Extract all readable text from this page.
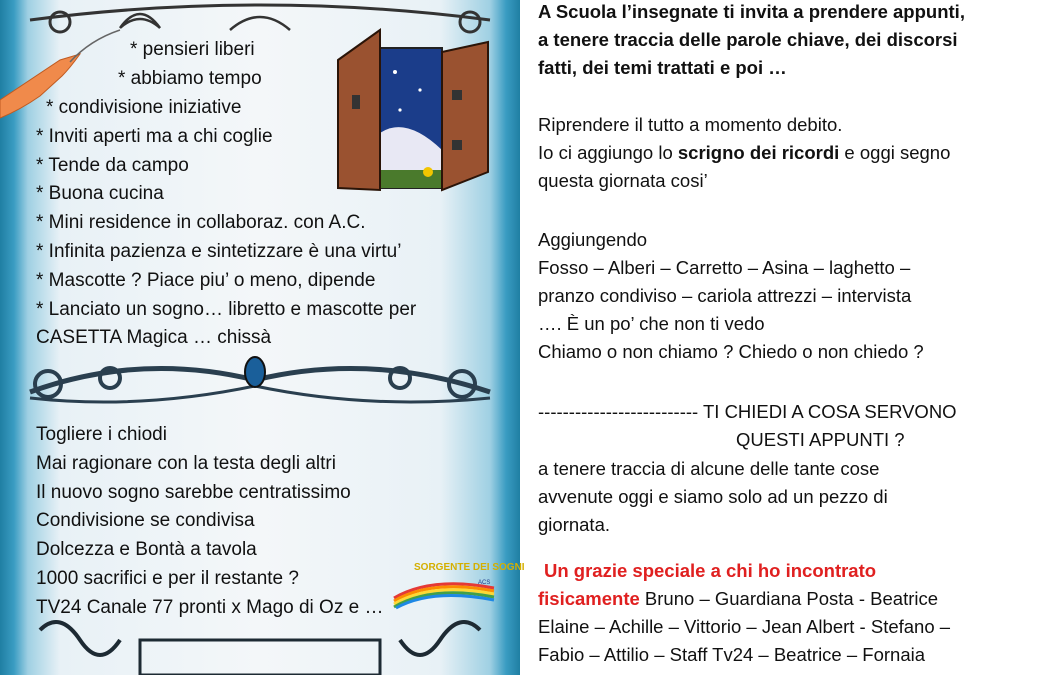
* pensieri liberi
* abbiamo tempo
* condivisione iniziative
* Inviti aperti ma a chi coglie
* Tende da campo
* Buona cucina
* Mini residence in collaboraz. con A.C.
* Infinita pazienza e sintetizzare è una virtu’
* Mascotte ? Piace piu’ o meno, dipende
* Lanciato un sogno… libretto e mascotte per
CASETTA Magica … chissà
Togliere i chiodi
Mai ragionare con la testa degli altri
Il nuovo sogno sarebbe centratissimo
Condivisione se condivisa
Dolcezza e Bontà a tavola
1000 sacrifici e per il restante ?
TV24 Canale 77 pronti x Mago di Oz e …
SORGENTE DEI SOGNI
ACS
A Scuola l’insegnate ti invita a prendere appunti,
a tenere traccia delle parole chiave, dei discorsi
fatti, dei temi trattati e poi …
Riprendere il tutto a momento debito.
Io ci aggiungo lo scrigno dei ricordi e oggi segno
questa giornata cosi’
Aggiungendo
Fosso – Alberi – Carretto – Asina – laghetto –
pranzo condiviso – cariola attrezzi – intervista
…. È un po’ che non ti vedo
Chiamo o non chiamo ? Chiedo o non chiedo ?
-------------------------- TI CHIEDI A COSA SERVONO
QUESTI APPUNTI ?
a tenere traccia di alcune delle tante cose
avvenute oggi e siamo solo ad un pezzo di
giornata.
Un grazie speciale a chi ho incontrato
fisicamente Bruno – Guardiana Posta - Beatrice
Elaine – Achille – Vittorio – Jean Albert - Stefano –
Fabio – Attilio – Staff Tv24 – Beatrice – Fornaia
